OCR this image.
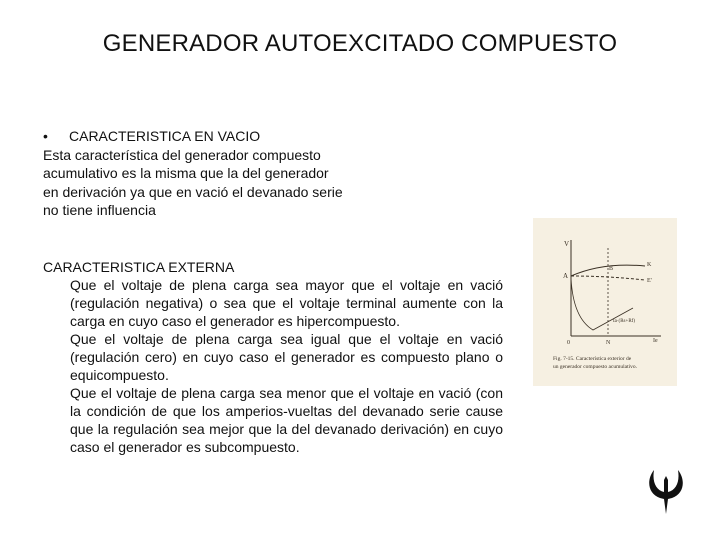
GENERADOR AUTOEXCITADO COMPUESTO
•	CARACTERISTICA EN VACIO
Esta característica del generador compuesto
acumulativo es la misma que la del generador
en derivación ya que en vació el devanado serie
no tiene influencia
CARACTERISTICA EXTERNA
Que el voltaje de plena carga sea mayor que el voltaje en vació (regulación negativa) o sea que el voltaje terminal aumente con la carga en cuyo caso el generador es hipercompuesto.
Que el voltaje de plena carga sea igual que el voltaje en vació (regulación cero) en cuyo caso el generador es compuesto plano o equicompuesto.
Que el voltaje de plena carga sea menor que el voltaje en vació (con la condición de que los amperios-vueltas del devanado serie cause que la regulación sea mejor que la del devanado derivación) en cuyo caso el generador es subcompuesto.
V
A
B
K
E'
Ia·(Rs+Rf)
0	N	Ie
Fig. 7-15. Característica exterior de
un generador compuesto acumulativo.
